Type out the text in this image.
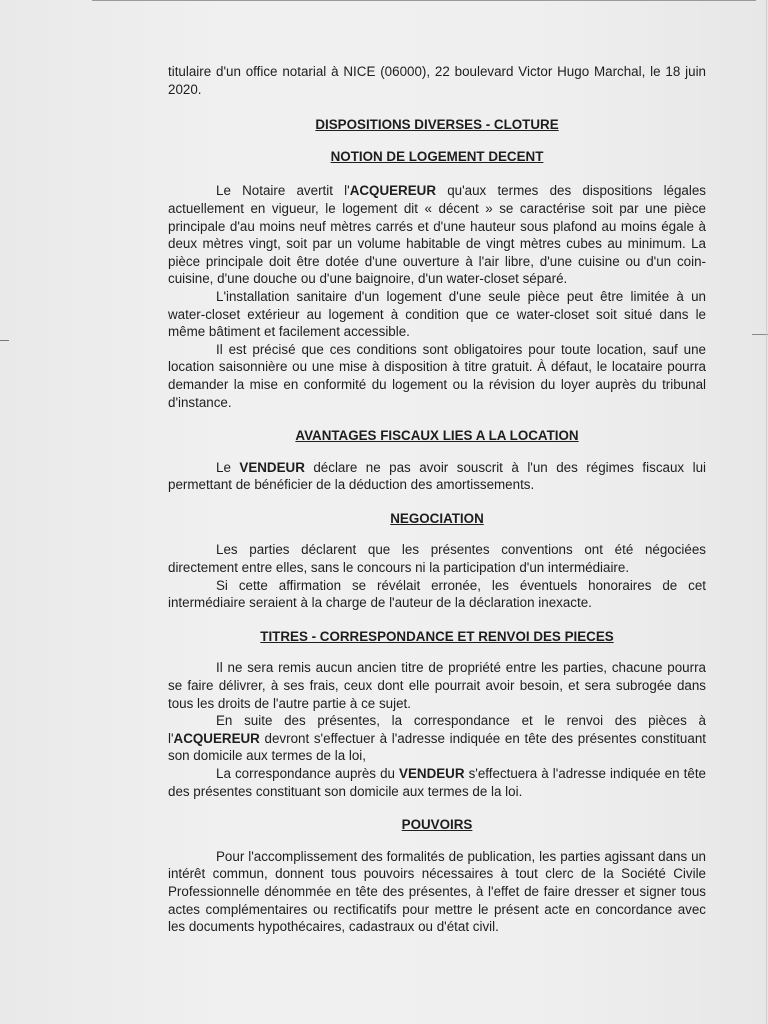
titulaire d'un office notarial à NICE (06000), 22 boulevard Victor Hugo Marchal, le 18 juin 2020.

DISPOSITIONS DIVERSES - CLOTURE
NOTION DE LOGEMENT DECENT

Le Notaire avertit l'ACQUEREUR qu'aux termes des dispositions légales actuellement en vigueur, le logement dit « décent » se caractérise soit par une pièce principale d'au moins neuf mètres carrés et d'une hauteur sous plafond au moins égale à deux mètres vingt, soit par un volume habitable de vingt mètres cubes au minimum. La pièce principale doit être dotée d'une ouverture à l'air libre, d'une cuisine ou d'un coin-cuisine, d'une douche ou d'une baignoire, d'un water-closet séparé.

L'installation sanitaire d'un logement d'une seule pièce peut être limitée à un water-closet extérieur au logement à condition que ce water-closet soit situé dans le même bâtiment et facilement accessible.

Il est précisé que ces conditions sont obligatoires pour toute location, sauf une location saisonnière ou une mise à disposition à titre gratuit. À défaut, le locataire pourra demander la mise en conformité du logement ou la révision du loyer auprès du tribunal d'instance.

AVANTAGES FISCAUX LIES A LA LOCATION

Le VENDEUR déclare ne pas avoir souscrit à l'un des régimes fiscaux lui permettant de bénéficier de la déduction des amortissements.

NEGOCIATION

Les parties déclarent que les présentes conventions ont été négociées directement entre elles, sans le concours ni la participation d'un intermédiaire.

Si cette affirmation se révélait erronée, les éventuels honoraires de cet intermédiaire seraient à la charge de l'auteur de la déclaration inexacte.

TITRES - CORRESPONDANCE ET RENVOI DES PIECES

Il ne sera remis aucun ancien titre de propriété entre les parties, chacune pourra se faire délivrer, à ses frais, ceux dont elle pourrait avoir besoin, et sera subrogée dans tous les droits de l'autre partie à ce sujet.

En suite des présentes, la correspondance et le renvoi des pièces à l'ACQUEREUR devront s'effectuer à l'adresse indiquée en tête des présentes constituant son domicile aux termes de la loi,

La correspondance auprès du VENDEUR s'effectuera à l'adresse indiquée en tête des présentes constituant son domicile aux termes de la loi.

POUVOIRS

Pour l'accomplissement des formalités de publication, les parties agissant dans un intérêt commun, donnent tous pouvoirs nécessaires à tout clerc de la Société Civile Professionnelle dénommée en tête des présentes, à l'effet de faire dresser et signer tous actes complémentaires ou rectificatifs pour mettre le présent acte en concordance avec les documents hypothécaires, cadastraux ou d'état civil.
